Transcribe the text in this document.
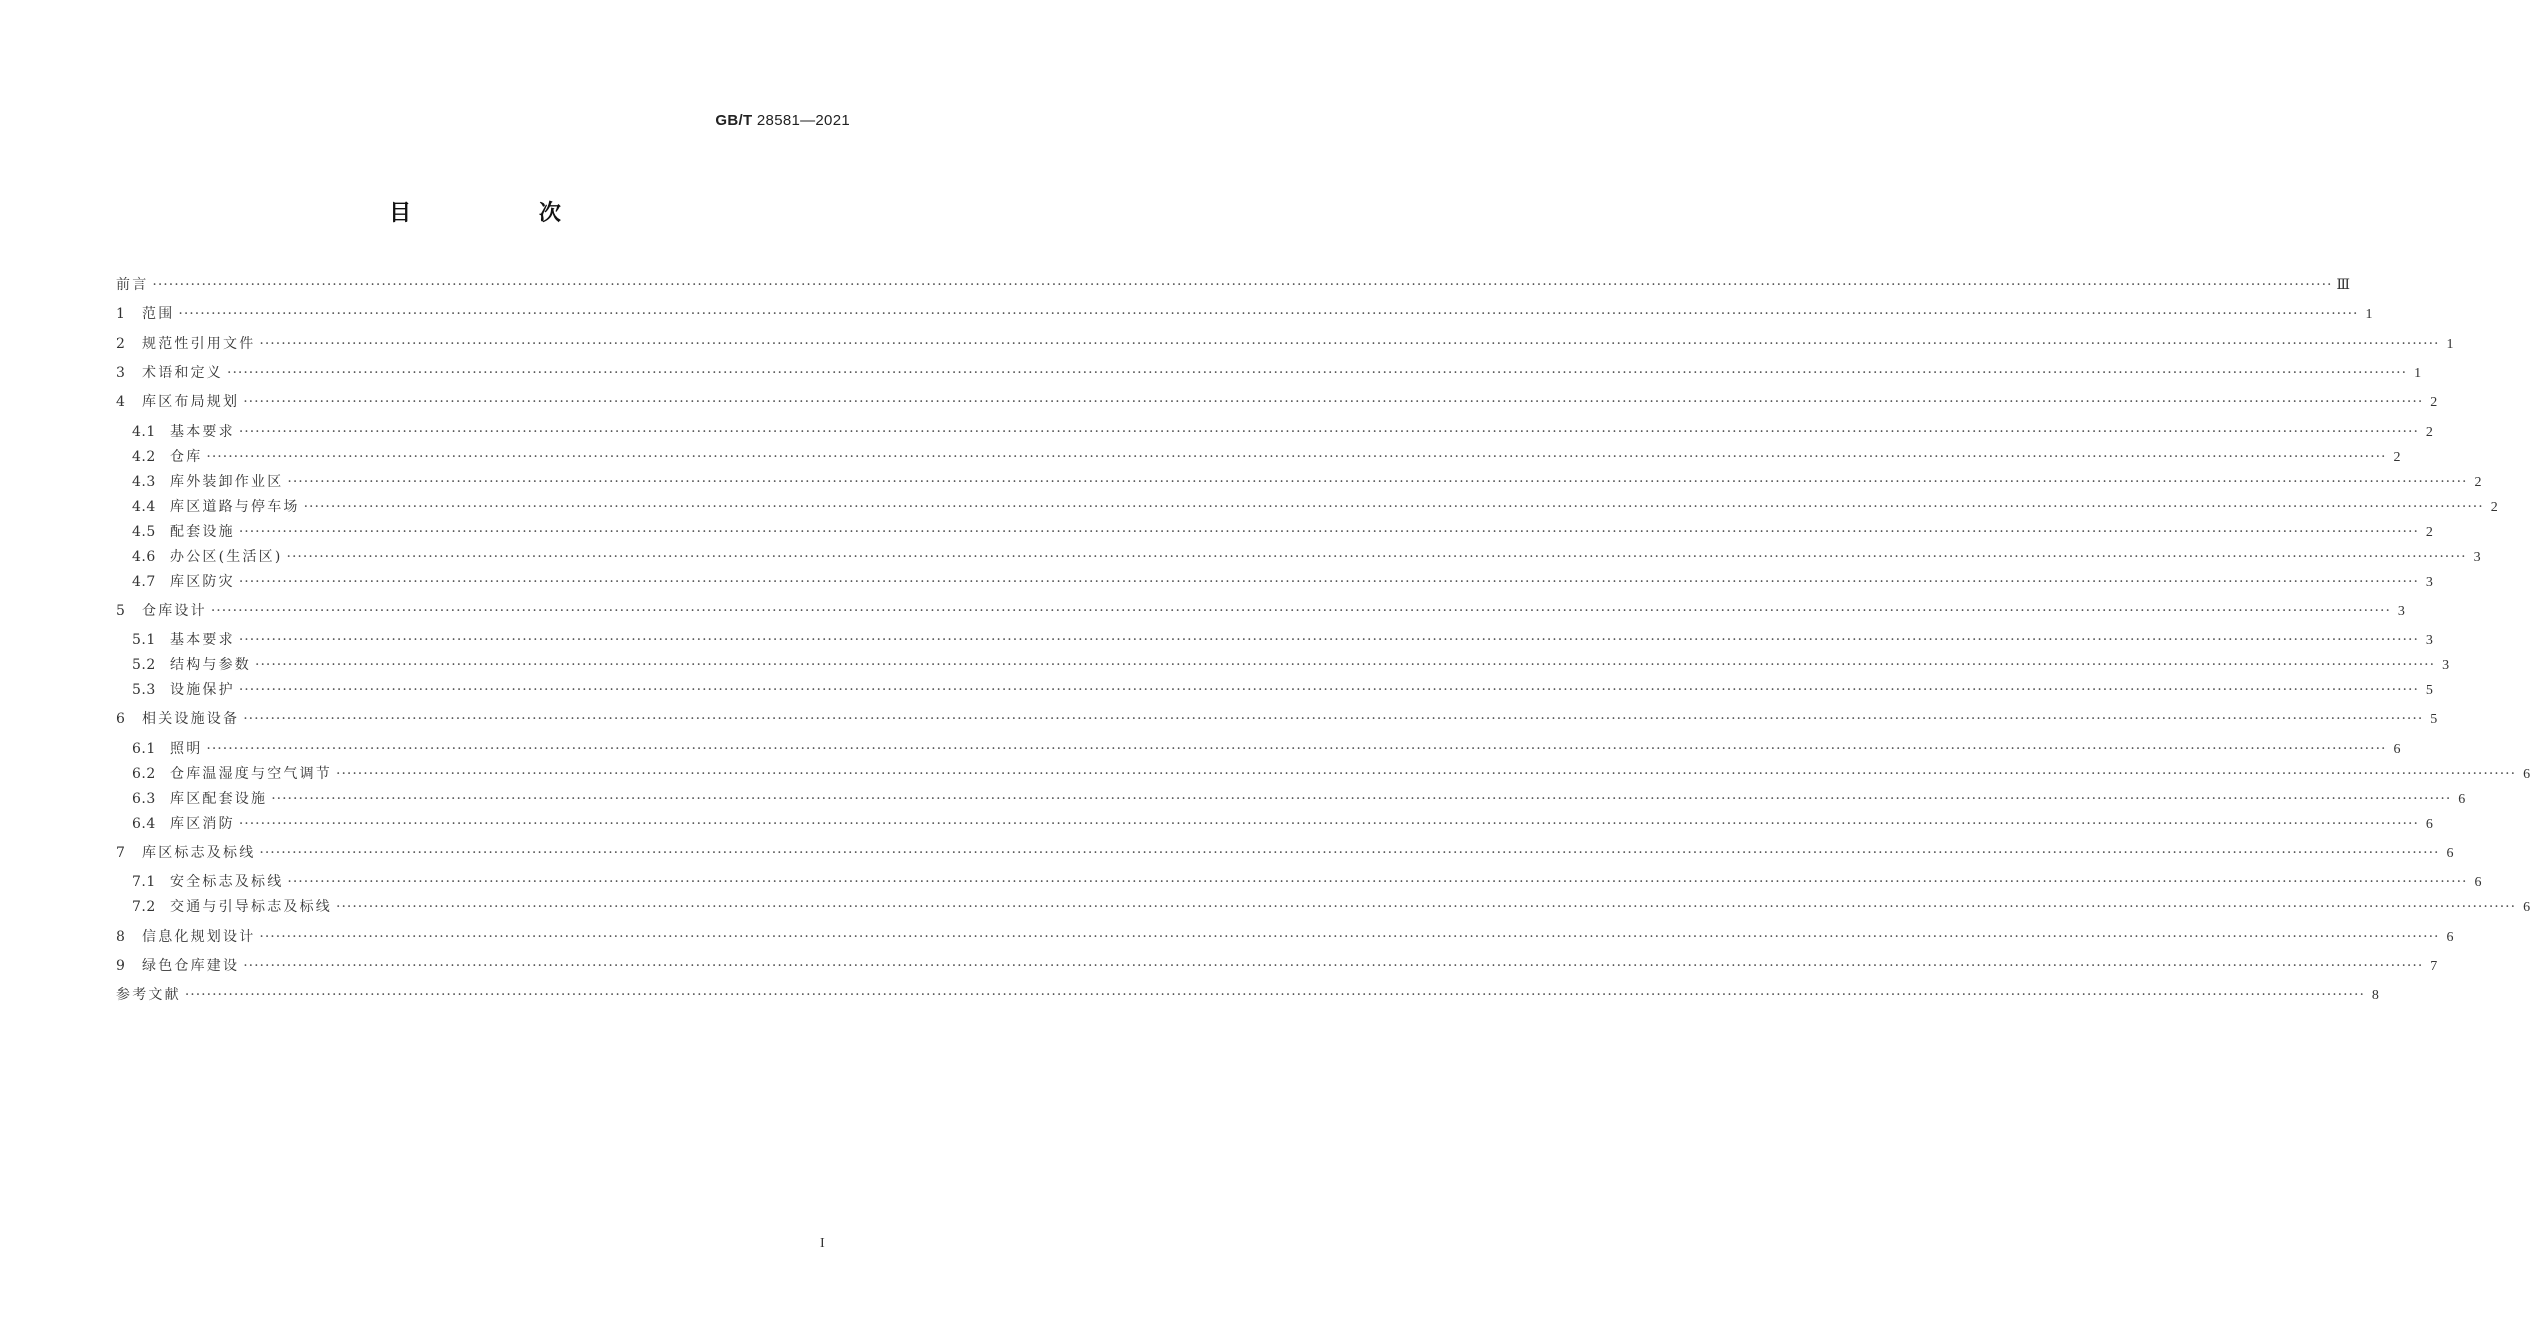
GB/T 28581—2021
目 次
前言 ················································································································································································································································································································································································································ Ⅲ
1	范围 ················································································································································································································································································································································································································ 1
2	规范性引用文件 ················································································································································································································································································································································································································ 1
3	术语和定义 ················································································································································································································································································································································································································ 1
4	库区布局规划 ················································································································································································································································································································································································································ 2
4.1	基本要求 ················································································································································································································································································································································································································ 2
4.2	仓库 ················································································································································································································································································································································································································ 2
4.3	库外装卸作业区 ················································································································································································································································································································································································································ 2
4.4	库区道路与停车场 ················································································································································································································································································································································································································ 2
4.5	配套设施 ················································································································································································································································································································································································································ 2
4.6	办公区(生活区) ················································································································································································································································································································································································································ 3
4.7	库区防灾 ················································································································································································································································································································································································································ 3
5	仓库设计 ················································································································································································································································································································································································································ 3
5.1	基本要求 ················································································································································································································································································································································································································ 3
5.2	结构与参数 ················································································································································································································································································································································································································ 3
5.3	设施保护 ················································································································································································································································································································································································································ 5
6	相关设施设备 ················································································································································································································································································································································································································ 5
6.1	照明 ················································································································································································································································································································································································································ 6
6.2	仓库温湿度与空气调节 ················································································································································································································································································································································································································ 6
6.3	库区配套设施 ················································································································································································································································································································································································································ 6
6.4	库区消防 ················································································································································································································································································································································································································ 6
7	库区标志及标线 ················································································································································································································································································································································································································ 6
7.1	安全标志及标线 ················································································································································································································································································································································································································ 6
7.2	交通与引导标志及标线 ················································································································································································································································································································································································································ 6
8	信息化规划设计 ················································································································································································································································································································································································································ 6
9	绿色仓库建设 ················································································································································································································································································································································································································ 7
参考文献 ················································································································································································································································································································································································································ 8
I
